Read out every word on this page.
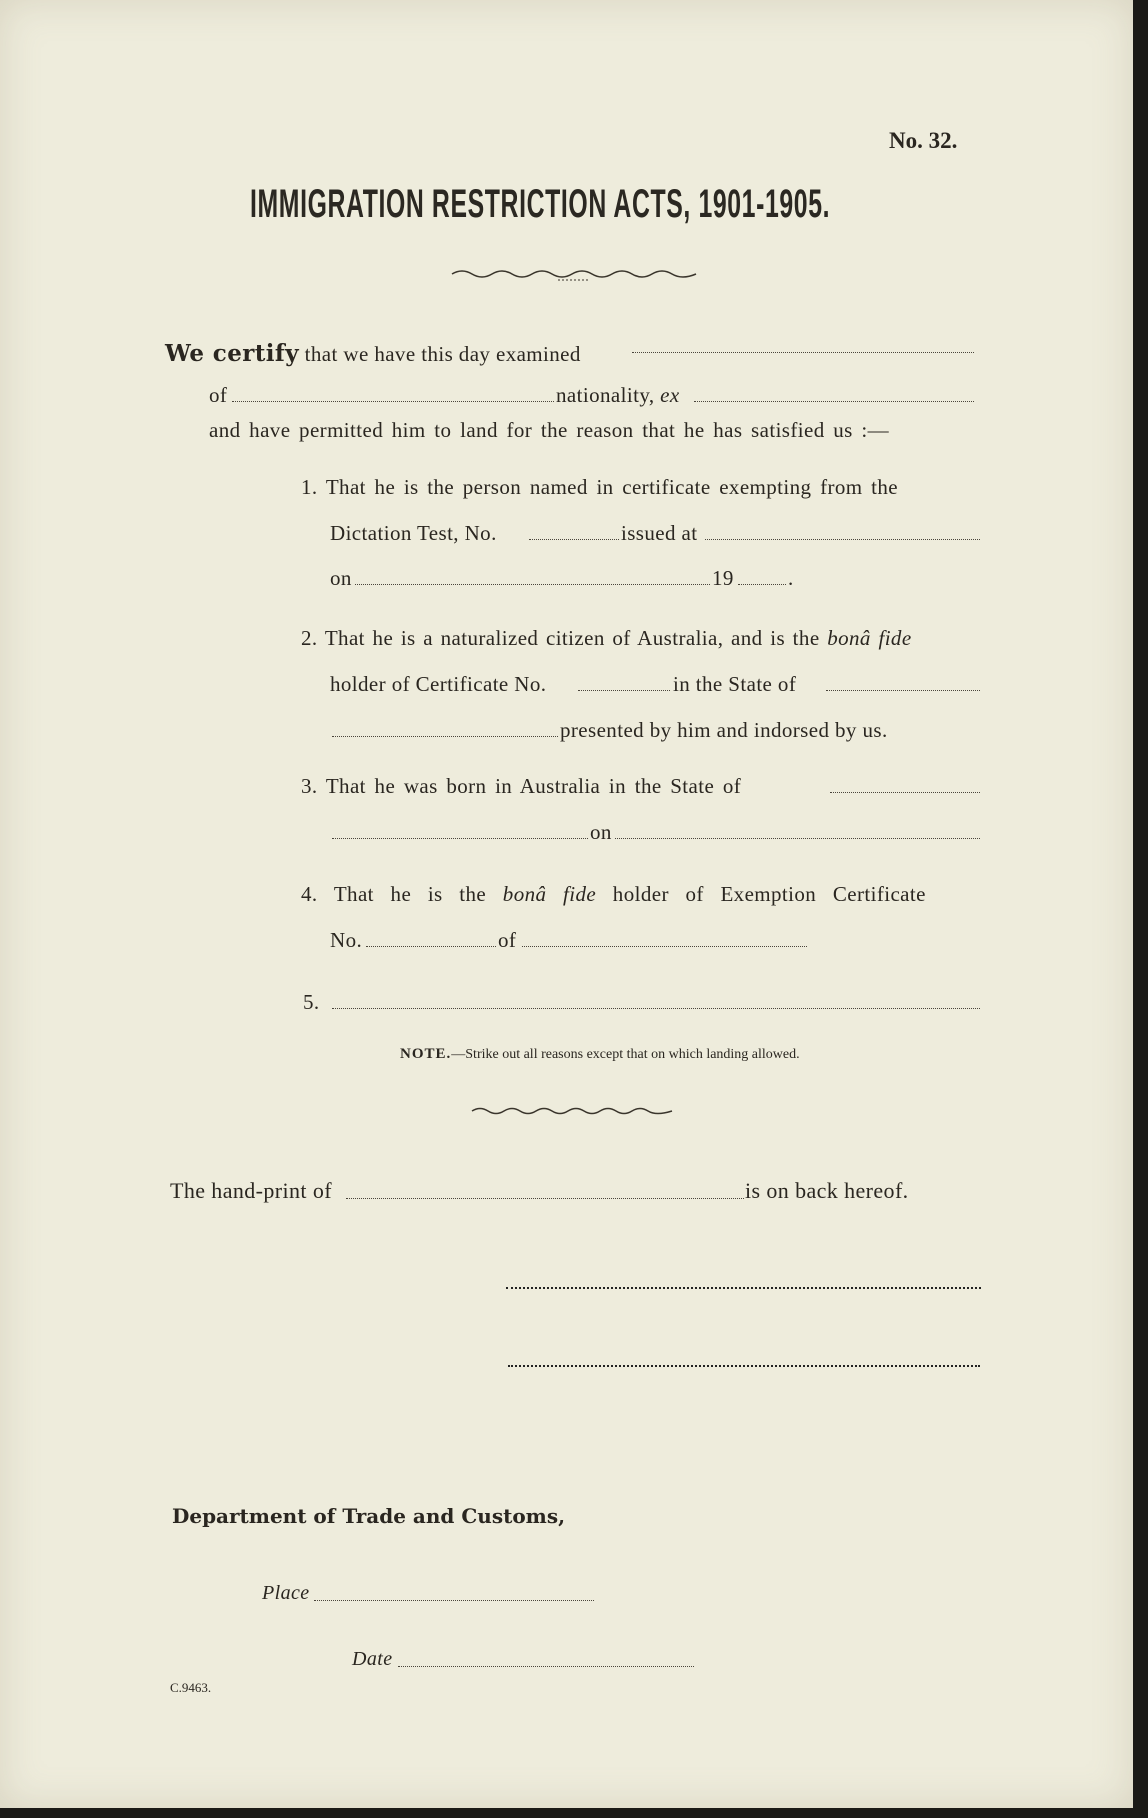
No. 32.
IMMIGRATION RESTRICTION ACTS, 1901-1905.
We certify that we have this day examined
of	nationality, ex
and have permitted him to land for the reason that he has satisfied us :—
1. That he is the person named in certificate exempting from the
Dictation Test, No.	issued at
on	19	.
2. That he is a naturalized citizen of Australia, and is the bonâ fide
holder of Certificate No.	in the State of
presented by him and indorsed by us.
3. That he was born in Australia in the State of
on
4. That he is the bonâ fide holder of Exemption Certificate
No.	of
5.
NOTE.—Strike out all reasons except that on which landing allowed.
The hand-print of	is on back hereof.
Department of Trade and Customs,
Place
Date
C.9463.
